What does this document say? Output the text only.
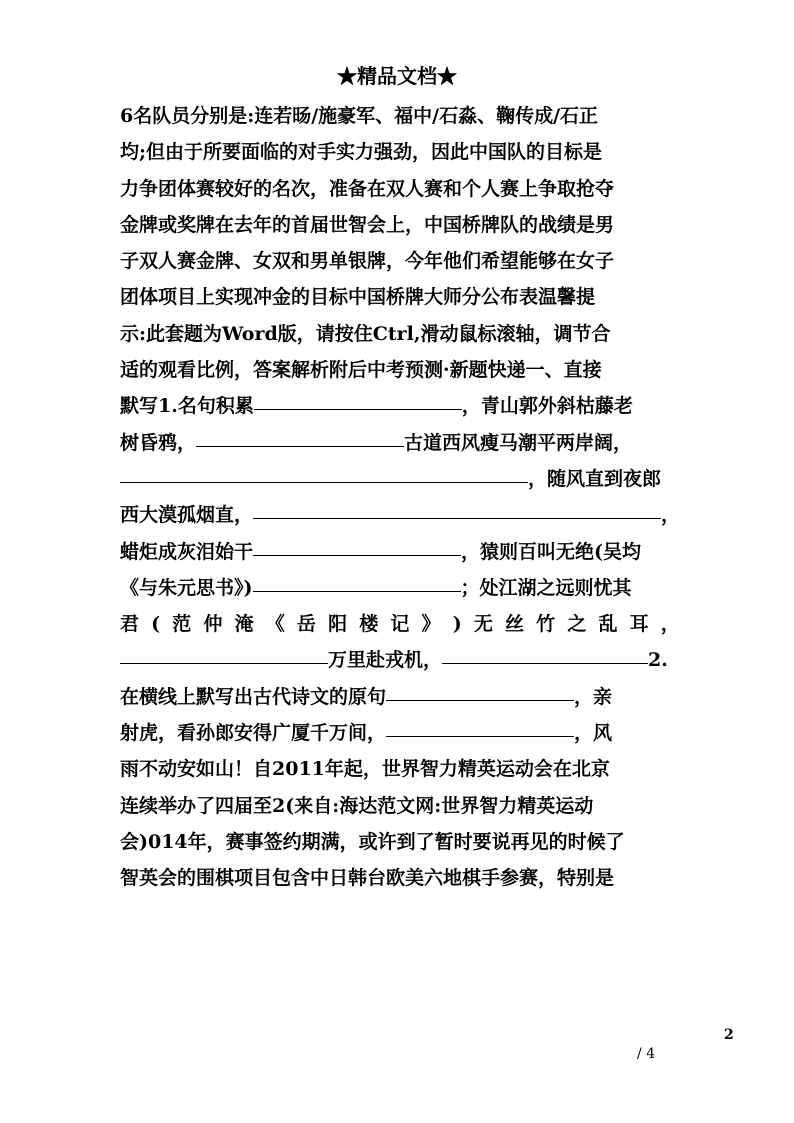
★精品文档★
6名队员分别是:连若旸/施豪军、福中/石淼、鞠传成/石正
均;但由于所要面临的对手实力强劲，因此中国队的目标是
力争团体赛较好的名次，准备在双人赛和个人赛上争取抢夺
金牌或奖牌在去年的首届世智会上，中国桥牌队的战绩是男
子双人赛金牌、女双和男单银牌，今年他们希望能够在女子
团体项目上实现冲金的目标中国桥牌大师分公布表温馨提
示:此套题为Word版，请按住Ctrl,滑动鼠标滚轴，调节合
适的观看比例，答案解析附后中考预测·新题快递一、直接
默写1.名句积累	，青山郭外斜枯藤老
树昏鸦，	古道西风瘦马潮平两岸阔，
，随风直到夜郎
西大漠孤烟直，	，
蜡炬成灰泪始干	，猿则百叫无绝(吴均
《与朱元思书》)	；处江湖之远则忧其
君 ( 范 仲 淹 《 岳 阳 楼 记 》 ) 无 丝 竹 之 乱 耳 ，
万里赴戎机，	2.
在横线上默写出古代诗文的原句	，亲
射虎，看孙郎安得广厦千万间，	，风
雨不动安如山！自2011年起，世界智力精英运动会在北京
连续举办了四届至2(来自:海达范文网:世界智力精英运动
会)014年，赛事签约期满，或许到了暂时要说再见的时候了
智英会的围棋项目包含中日韩台欧美六地棋手参赛，特别是
2
/ 4
